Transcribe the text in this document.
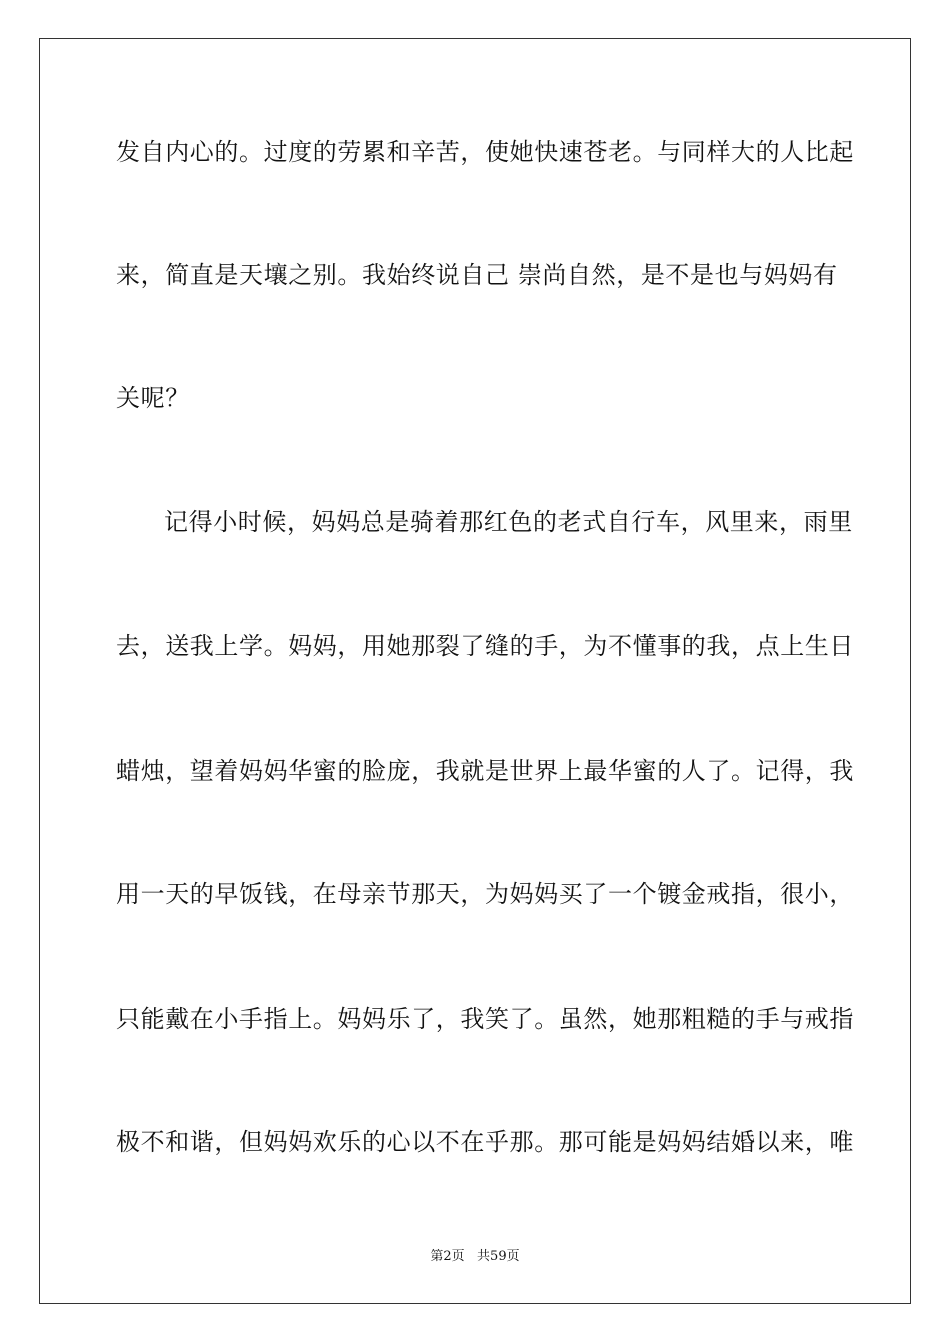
发自内心的。过度的劳累和辛苦，使她快速苍老。与同样大的人比起
来，简直是天壤之别。我始终说自己 崇尚自然，是不是也与妈妈有
关呢？
记得小时候，妈妈总是骑着那红色的老式自行车，风里来，雨里
去，送我上学。妈妈，用她那裂了缝的手，为不懂事的我，点上生日
蜡烛，望着妈妈华蜜的脸庞，我就是世界上最华蜜的人了。记得，我
用一天的早饭钱，在母亲节那天，为妈妈买了一个镀金戒指，很小，
只能戴在小手指上。妈妈乐了，我笑了。虽然，她那粗糙的手与戒指
极不和谐，但妈妈欢乐的心以不在乎那。那可能是妈妈结婚以来，唯
第2页   共59页
